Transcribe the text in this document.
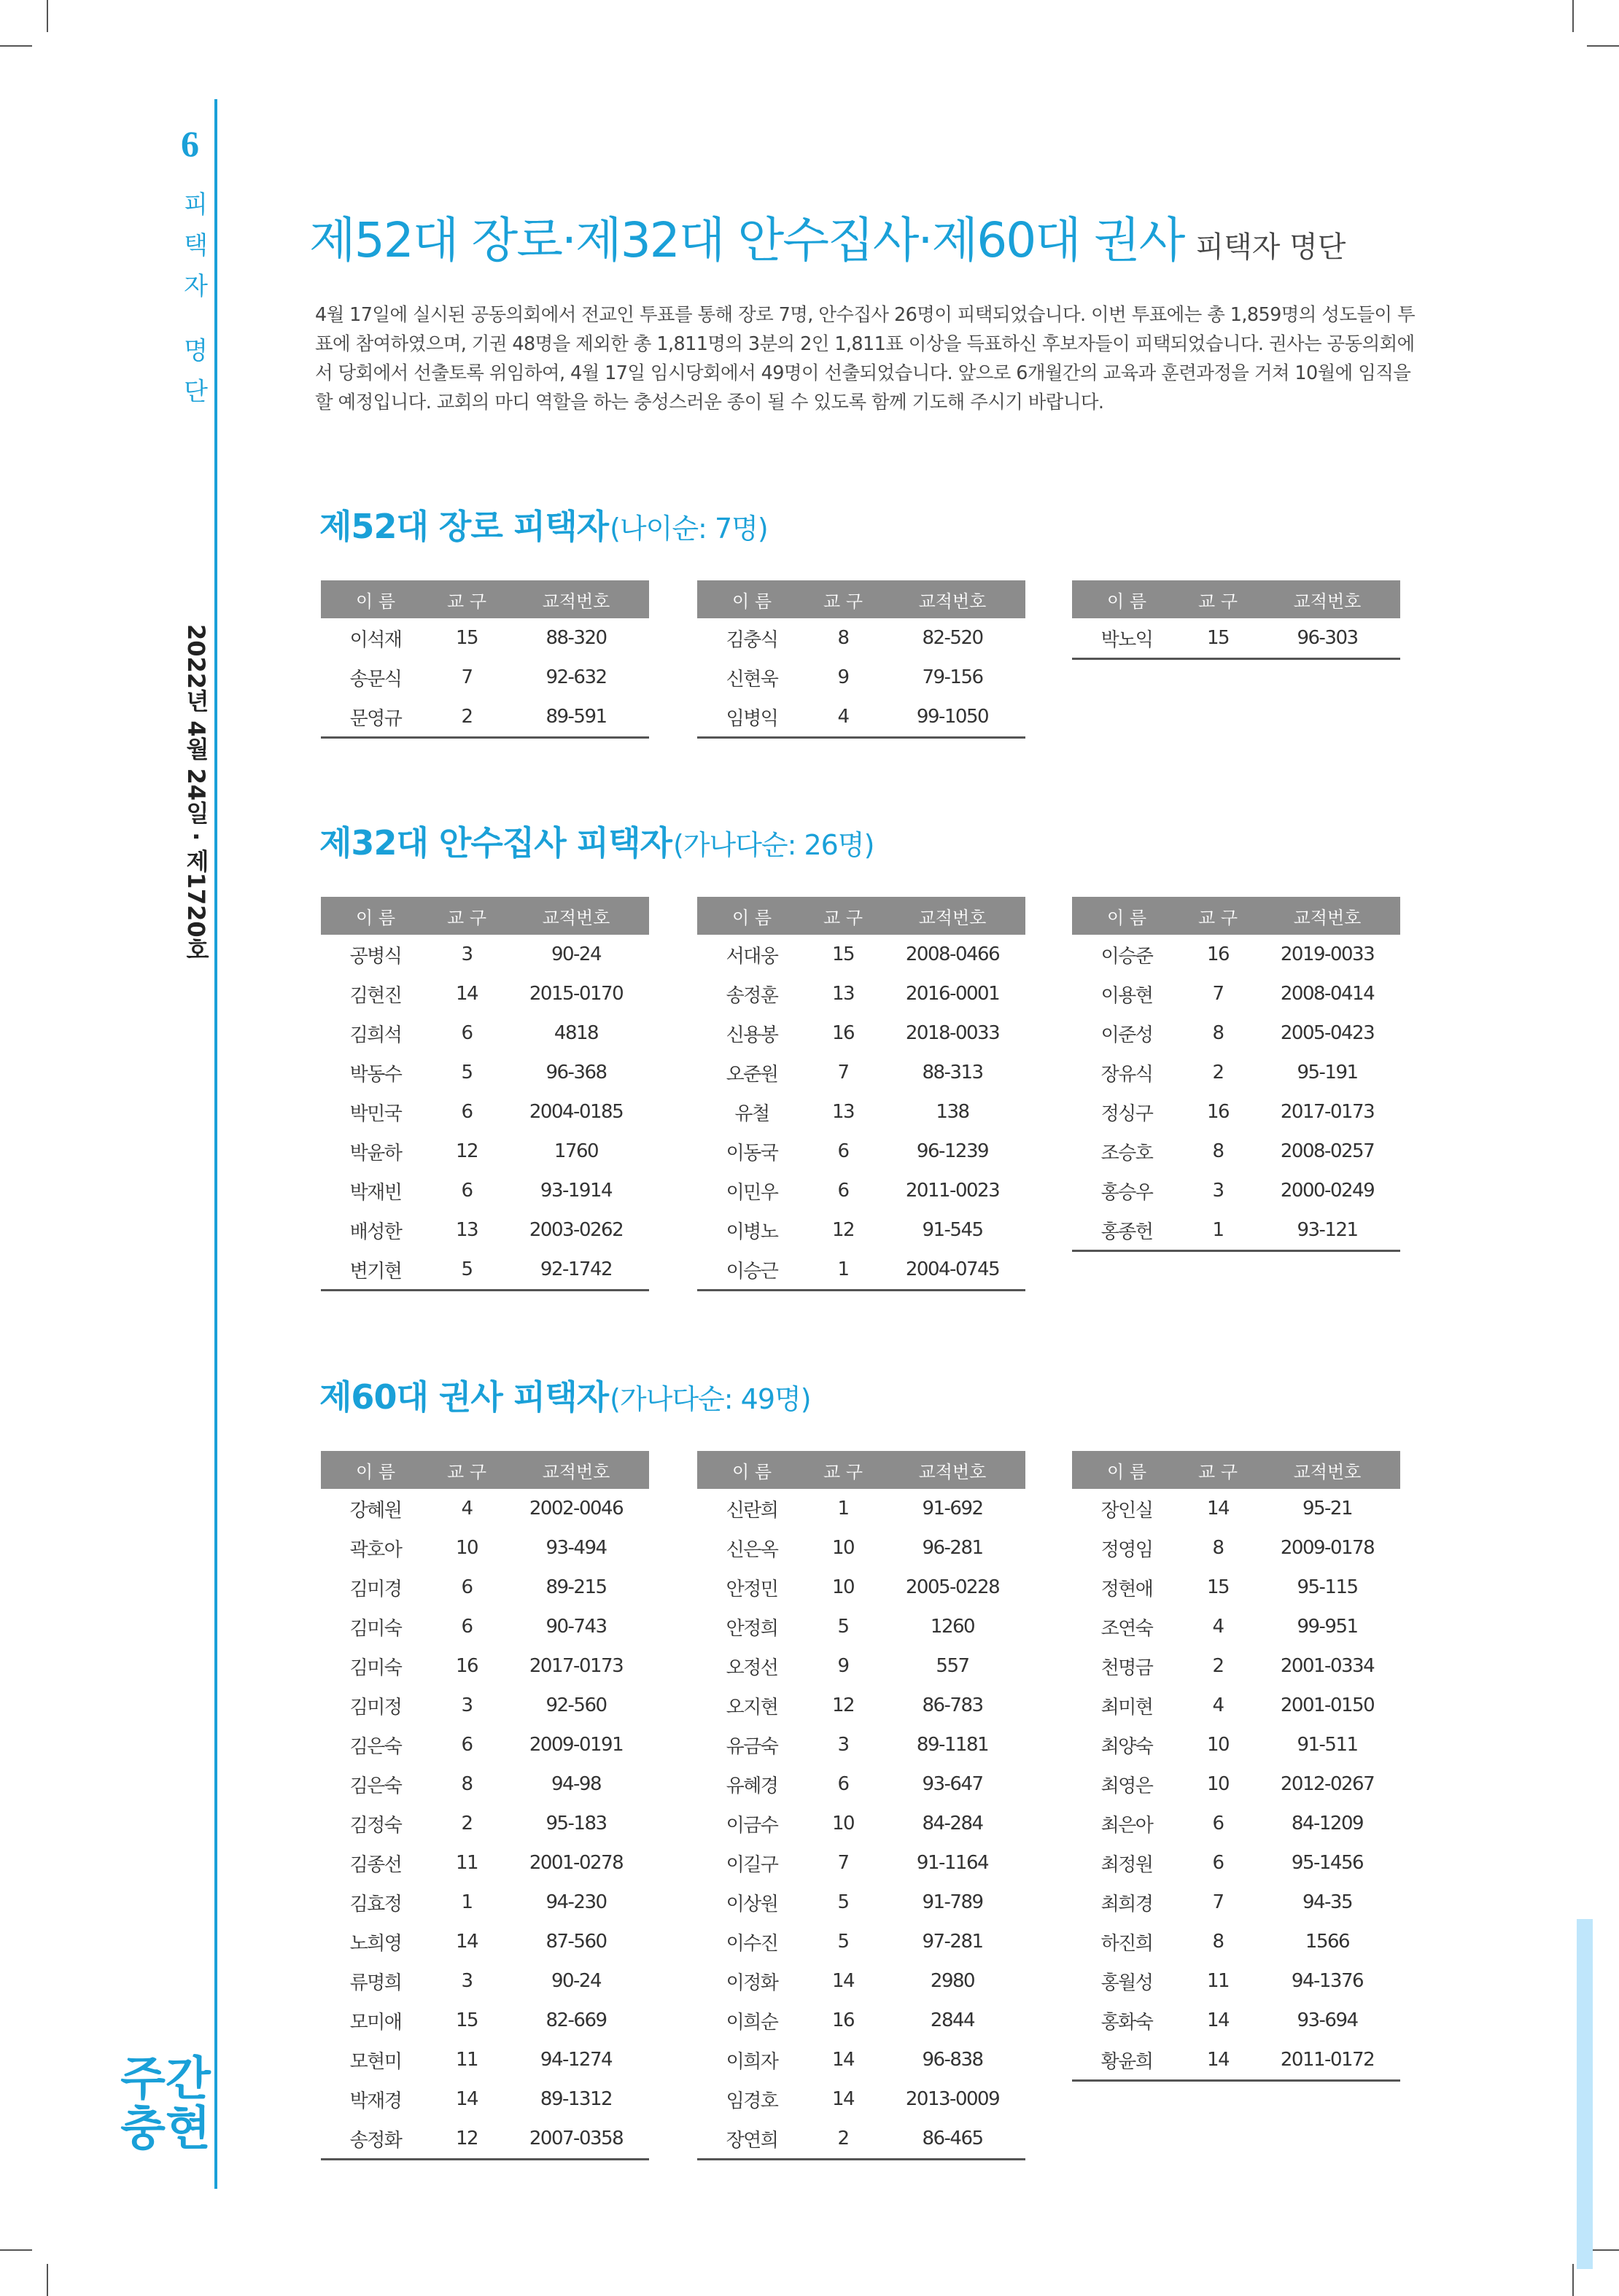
6
피택자 명단
2022년 4월 24일 · 제1720호
주간
충현
제52대 장로·제32대 안수집사·제60대 권사 피택자 명단
4월 17일에 실시된 공동의회에서 전교인 투표를 통해 장로 7명, 안수집사 26명이 피택되었습니다. 이번 투표에는 총 1,859명의 성도들이 투표에 참여하였으며, 기권 48명을 제외한 총 1,811명의 3분의 2인 1,811표 이상을 득표하신 후보자들이 피택되었습니다. 권사는 공동의회에서 당회에서 선출토록 위임하여, 4월 17일 임시당회에서 49명이 선출되었습니다. 앞으로 6개월간의 교육과 훈련과정을 거쳐 10월에 임직을 할 예정입니다. 교회의 마디 역할을 하는 충성스러운 종이 될 수 있도록 함께 기도해 주시기 바랍니다.
제52대 장로 피택자(나이순: 7명)
제32대 안수집사 피택자(가나다순: 26명)
제60대 권사 피택자(가나다순: 49명)
이 름	교 구	교적번호
이석재	15	88-320
송문식	7	92-632
문영규	2	89-591
이 름	교 구	교적번호
김충식	8	82-520
신현욱	9	79-156
임병익	4	99-1050
이 름	교 구	교적번호
박노익	15	96-303
이 름	교 구	교적번호
공병식	3	90-24
김현진	14	2015-0170
김희석	6	4818
박동수	5	96-368
박민국	6	2004-0185
박윤하	12	1760
박재빈	6	93-1914
배성한	13	2003-0262
변기현	5	92-1742
이 름	교 구	교적번호
서대웅	15	2008-0466
송정훈	13	2016-0001
신용봉	16	2018-0033
오준원	7	88-313
유철	13	138
이동국	6	96-1239
이민우	6	2011-0023
이병노	12	91-545
이승근	1	2004-0745
이 름	교 구	교적번호
이승준	16	2019-0033
이용현	7	2008-0414
이준성	8	2005-0423
장유식	2	95-191
정싱구	16	2017-0173
조승호	8	2008-0257
홍승우	3	2000-0249
홍종헌	1	93-121
이 름	교 구	교적번호
강혜원	4	2002-0046
곽호아	10	93-494
김미경	6	89-215
김미숙	6	90-743
김미숙	16	2017-0173
김미정	3	92-560
김은숙	6	2009-0191
김은숙	8	94-98
김정숙	2	95-183
김종선	11	2001-0278
김효정	1	94-230
노희영	14	87-560
류명희	3	90-24
모미애	15	82-669
모현미	11	94-1274
박재경	14	89-1312
송정화	12	2007-0358
이 름	교 구	교적번호
신란희	1	91-692
신은옥	10	96-281
안정민	10	2005-0228
안정희	5	1260
오정선	9	557
오지현	12	86-783
유금숙	3	89-1181
유혜경	6	93-647
이금수	10	84-284
이길구	7	91-1164
이상원	5	91-789
이수진	5	97-281
이정화	14	2980
이희순	16	2844
이희자	14	96-838
임경호	14	2013-0009
장연희	2	86-465
이 름	교 구	교적번호
장인실	14	95-21
정영임	8	2009-0178
정현애	15	95-115
조연숙	4	99-951
천명금	2	2001-0334
최미현	4	2001-0150
최양숙	10	91-511
최영은	10	2012-0267
최은아	6	84-1209
최정원	6	95-1456
최희경	7	94-35
하진희	8	1566
홍월성	11	94-1376
홍화숙	14	93-694
황윤희	14	2011-0172
